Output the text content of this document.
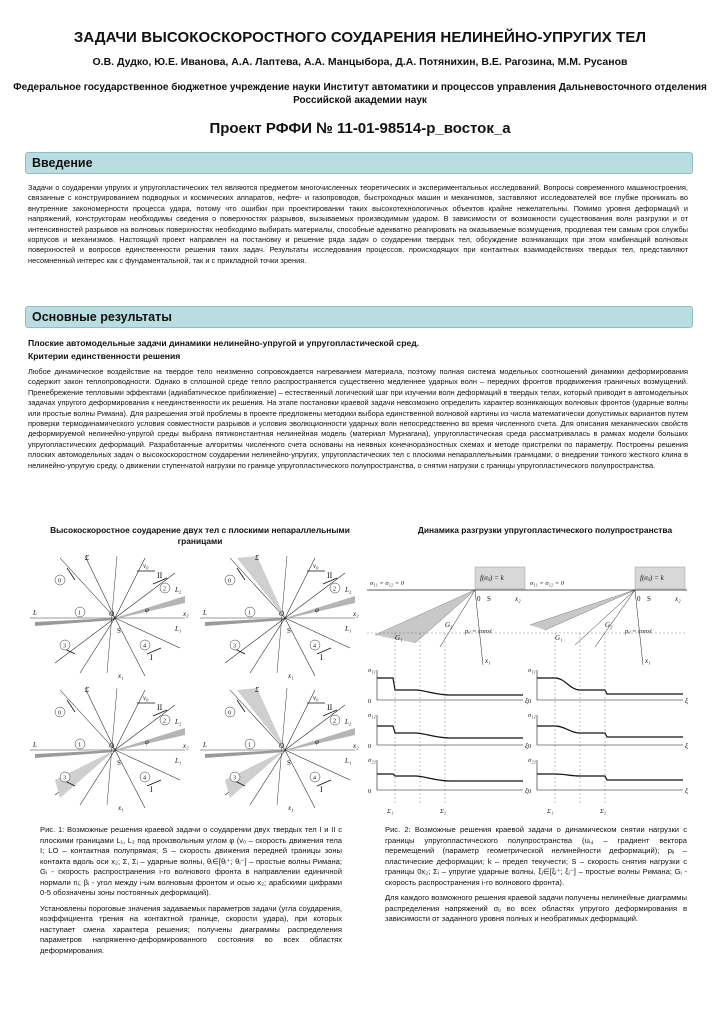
ЗАДАЧИ ВЫСОКОСКОРОСТНОГО СОУДАРЕНИЯ НЕЛИНЕЙНО-УПРУГИХ ТЕЛ
О.В. Дудко, Ю.Е. Иванова, А.А. Лаптева, А.А. Манцыбора, Д.А. Потянихин, В.Е. Рагозина, М.М. Русанов
Федеральное государственное бюджетное учреждение науки Институт автоматики и процессов управления Дальневосточного отделения Российской академии наук
Проект РФФИ № 11-01-98514-р_восток_а
Введение
Задачи о соударении упругих и упругопластических тел являются предметом многочисленных теоретических и экспериментальных исследований. Вопросы современного машиностроения, связанные с конструированием подводных и космических аппаратов, нефте- и газопроводов, быстроходных машин и механизмов, заставляют исследователей все глубже проникать во внутренние закономерности процесса удара, потому что ошибки при проектировании таких высокотехнологичных объектов крайне нежелательны. Помимо уровня деформаций и напряжений, конструкторам необходимы сведения о поверхностях разрывов, вызываемых производимым ударом. В зависимости от возможности существования волн разгрузки и от интенсивностей разрывов на волновых поверхностях необходимо выбирать материалы, способные адекватно реагировать на оказываемые возмущения, продлевая тем самым срок службы корпусов и механизмов. Настоящий проект направлен на постановку и решение ряда задач о соударении твердых тел, обсуждение возникающих при этом комбинаций волновых поверхностей и вопросов единственности решения таких задач. Результаты исследования процессов, происходящих при контактных взаимодействиях твердых тел, представляют несомненный интерес как с фундаментальной, так и с прикладной точки зрения.
Основные результаты
Плоские автомодельные задачи динамики нелинейно-упругой и упругопластической сред.
Критерии единственности решения
Любое динамическое воздействие на твердое тело неизменно сопровождается нагреванием материала, поэтому полная система модельных соотношений динамики деформирования содержит закон теплопроводности. Однако в сплошной среде тепло распространяется существенно медленнее ударных волн – передних фронтов продвижения граничных возмущений. Пренебрежение тепловыми эффектами (адиабатическое приближение) – естественный логический шаг при изучении волн деформаций в твердых телах, который приводит в автомодельных задачах упругого деформирования к неединственности их решения. На этапе постановки краевой задачи невозможно определить характер возникающих волновых фронтов (ударные волны или простые волны Римана). Для разрешения этой проблемы в проекте предложены методики выбора единственной волновой картины из числа математически допустимых вариантов путем проверки термодинамического условия совместности разрывов и условия эволюционности ударных волн непосредственно во время численного счета. Для описания механических свойств деформируемой нелинейно-упругой среды выбрана пятиконстантная нелинейная модель (материал Мурнагана), упругопластическая среда рассматривалась в рамках модели больших упругопластических деформаций. Разработанные алгоритмы численного счета основаны на неявных конечноразностных схемах и методе пристрелки по параметру. Построены решения плоских автомодельных задач о высокоскоростном соударении нелинейно-упругих, упругопластических тел с плоскими непараллельными границами, о внедрении тонкого жесткого клина в нелинейно-упругую среду, о движении ступенчатой нагрузки по границе упругопластического полупространства, о снятии нагрузки с границы упругопластического полупространства.
Высокоскоростное соударение двух тел с плоскими непараллельными границами
0
1
2
3	4
II
I
L
S	L₁
L₂
x₂
x₁
v₀
φ
Σ
O
0
1
2
3	4
II
I
L
S	L₁
L₂
x₂
x₁
v₀
φ
Σ
O
0
1
2
3	4
II
I
L
S	L₁
L₂
x₂
x₁
v₀
φ
Σ
O
0
1
2
3	4
II
I
L
S	L₁
L₂
x₂
x₁
v₀
φ
Σ
O

Рис. 1: Возможные решения краевой задачи о соударении двух твердых тел I и II с плоскими границами L₁, L₂ под произвольным углом φ (v₀ – скорость движения тела I; LO – контактная полупрямая; S – скорость движения передней границы зоны контакта вдоль оси x₂; Σ, Σᵢ – ударные волны, θᵢ∈[θᵢ⁺; θᵢ⁻] – простые волны Римана; Gᵢ - скорость распространения i-го волнового фронта в направлении единичной нормали nᵢ; βᵢ - угол между i-ым волновым фронтом и осью x₂; арабскими цифрами 0-5 обозначены зоны постоянных деформаций).

Установлены пороговые значения задаваемых параметров задачи (угла соударения, коэффициента трения на контактной границе, скорости удара), при которых наступает смена характера решения; получены диаграммы распределения параметров напряженно-деформированного состояния во всех областях деформирования.

Динамика разгрузки упругопластического полупространства
f(σᵢⱼ) = k
σ₁₁ = σ₁₂ = 0
0 S	x₂
x₁
G₁
G₂
pᵢⱼ = const
σ₁₁
0	ξ
σ₁₂
0	ξ
σ₂₂
0	ξ
Σ₁	Σ₂
f(σᵢⱼ) = k
σ₁₁ = σ₁₂ = 0
0 S	x₂
x₁
G₁
G₂
pᵢⱼ = const
σ₁₁
0	ξ
σ₁₂
0	ξ
σ₂₂
0	ξ
Σ₁	Σ₂

Рис. 2: Возможные решения краевой задачи о динамическом снятии нагрузки с границы упругопластического полупространства (uᵢ,ⱼ – градиент вектора перемещений (параметр геометрической нелинейности деформаций); pᵢⱼ – пластические деформации; k – предел текучести; S – скорость снятия нагрузки с границы 0x₂; Σᵢ – упругие ударные волны, ξᵢ∈[ξᵢ⁺; ξᵢ⁻] – простые волны Римана; Gᵢ - скорость распространения i-го волнового фронта).

Для каждого возможного решения краевой задачи получены нелинейные диаграммы распределения напряжений σᵢⱼ во всех областях упругого деформирования в зависимости от заданного уровня полных и необратимых деформаций.
